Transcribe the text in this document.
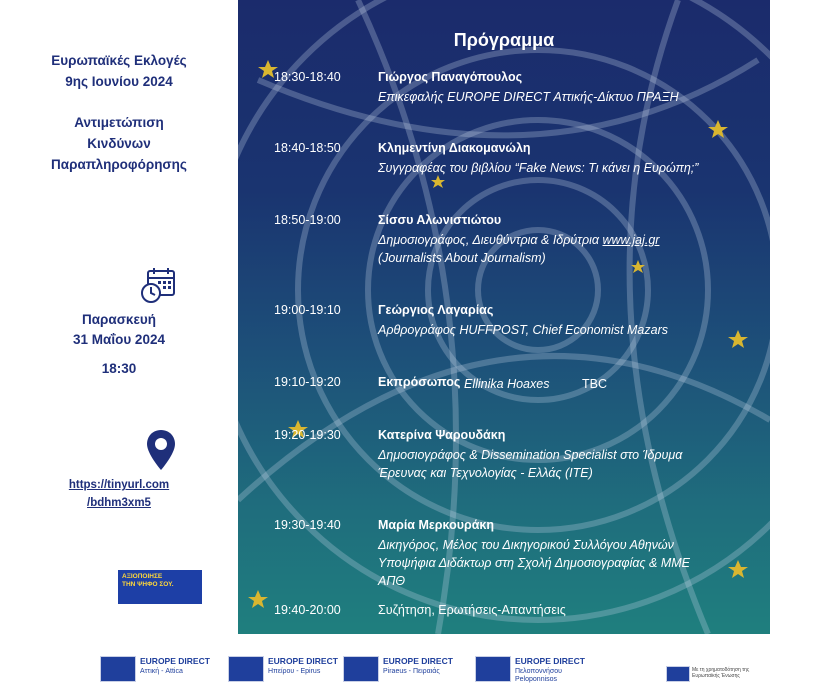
Ευρωπαϊκές Εκλογές
9ης Ιουνίου 2024
Αντιμετώπιση
Κινδύνων
Παραπληροφόρησης
Παρασκευή
31 Μαΐου 2024
18:30
https://tinyurl.com
/bdhm3xm5
ΑΞΙΟΠΟΙΗΣΕ
ΤΗΝ ΨΗΦΟ ΣΟΥ.
Πρόγραμμα
18:30-18:40	Γιώργος Παναγόπουλος
Επικεφαλής EUROPE DIRECT Αττικής-Δίκτυο ΠΡΑΞΗ
18:40-18:50	Κλημεντίνη Διακομανώλη
Συγγραφέας του βιβλίου “Fake News: Τι κάνει η Ευρώπη;”
18:50-19:00	Σίσσυ Αλωνιστιώτου
Δημοσιογράφος, Διευθύντρια & Ιδρύτρια www.jaj.gr
(Journalists About Journalism)
19:00-19:10	Γεώργιος Λαγαρίας
Αρθρογράφος HUFFPOST, Chief Economist Mazars
19:10-19:20	Εκπρόσωπος Ellinika Hoaxes	TBC
19:20-19:30	Κατερίνα Ψαρουδάκη
Δημοσιογράφος & Dissemination Specialist στο Ίδρυμα
Έρευνας και Τεχνολογίας - Ελλάς (ΙΤΕ)
19:30-19:40	Μαρία Μερκουράκη
Δικηγόρος, Μέλος του Δικηγορικού Συλλόγου Αθηνών
Υποψήφια Διδάκτωρ στη Σχολή Δημοσιογραφίας & ΜΜΕ
ΑΠΘ
19:40-20:00	Συζήτηση, Ερωτήσεις-Απαντήσεις
EUROPE DIRECT
Αττική - Attica
EUROPE DIRECT
Ηπείρου - Epirus
EUROPE DIRECT
Piraeus - Πειραιάς
EUROPE DIRECT
Πελοποννήσου
Peloponnisos
Με τη χρηματοδότηση της Ευρωπαϊκής Ένωσης
